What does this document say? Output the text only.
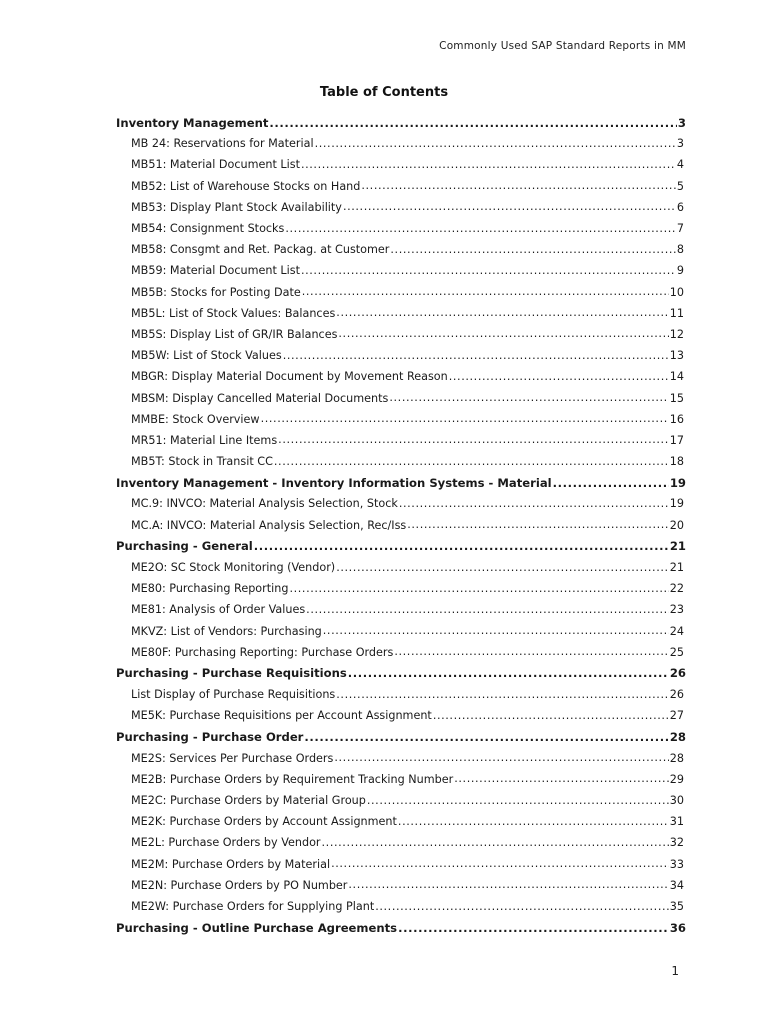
Commonly Used SAP Standard Reports in MM
Table of Contents
Inventory Management .....	3
MB 24: Reservations for Material .....	3
MB51: Material Document List .....	4
MB52: List of Warehouse Stocks on Hand .....	5
MB53: Display Plant Stock Availability .....	6
MB54: Consignment Stocks .....	7
MB58: Consgmt and Ret. Packag. at Customer .....	8
MB59: Material Document List .....	9
MB5B: Stocks for Posting Date .....	10
MB5L: List of Stock Values: Balances .....	11
MB5S: Display List of GR/IR Balances .....	12
MB5W: List of Stock Values .....	13
MBGR: Display Material Document by Movement Reason .....	14
MBSM: Display Cancelled Material Documents .....	15
MMBE: Stock Overview .....	16
MR51: Material Line Items .....	17
MB5T: Stock in Transit CC .....	18
Inventory Management - Inventory Information Systems - Material .....	19
MC.9: INVCO: Material Analysis Selection, Stock .....	19
MC.A: INVCO: Material Analysis Selection, Rec/Iss .....	20
Purchasing - General .....	21
ME2O: SC Stock Monitoring (Vendor) .....	21
ME80: Purchasing Reporting .....	22
ME81: Analysis of Order Values .....	23
MKVZ: List of Vendors: Purchasing .....	24
ME80F: Purchasing Reporting: Purchase Orders .....	25
Purchasing - Purchase Requisitions .....	26
List Display of Purchase Requisitions .....	26
ME5K: Purchase Requisitions per Account Assignment .....	27
Purchasing - Purchase Order .....	28
ME2S: Services Per Purchase Orders .....	28
ME2B: Purchase Orders by Requirement Tracking Number .....	29
ME2C: Purchase Orders by Material Group .....	30
ME2K: Purchase Orders by Account Assignment .....	31
ME2L: Purchase Orders by Vendor .....	32
ME2M: Purchase Orders by Material .....	33
ME2N: Purchase Orders by PO Number .....	34
ME2W: Purchase Orders for Supplying Plant .....	35
Purchasing - Outline Purchase Agreements .....	36
1
